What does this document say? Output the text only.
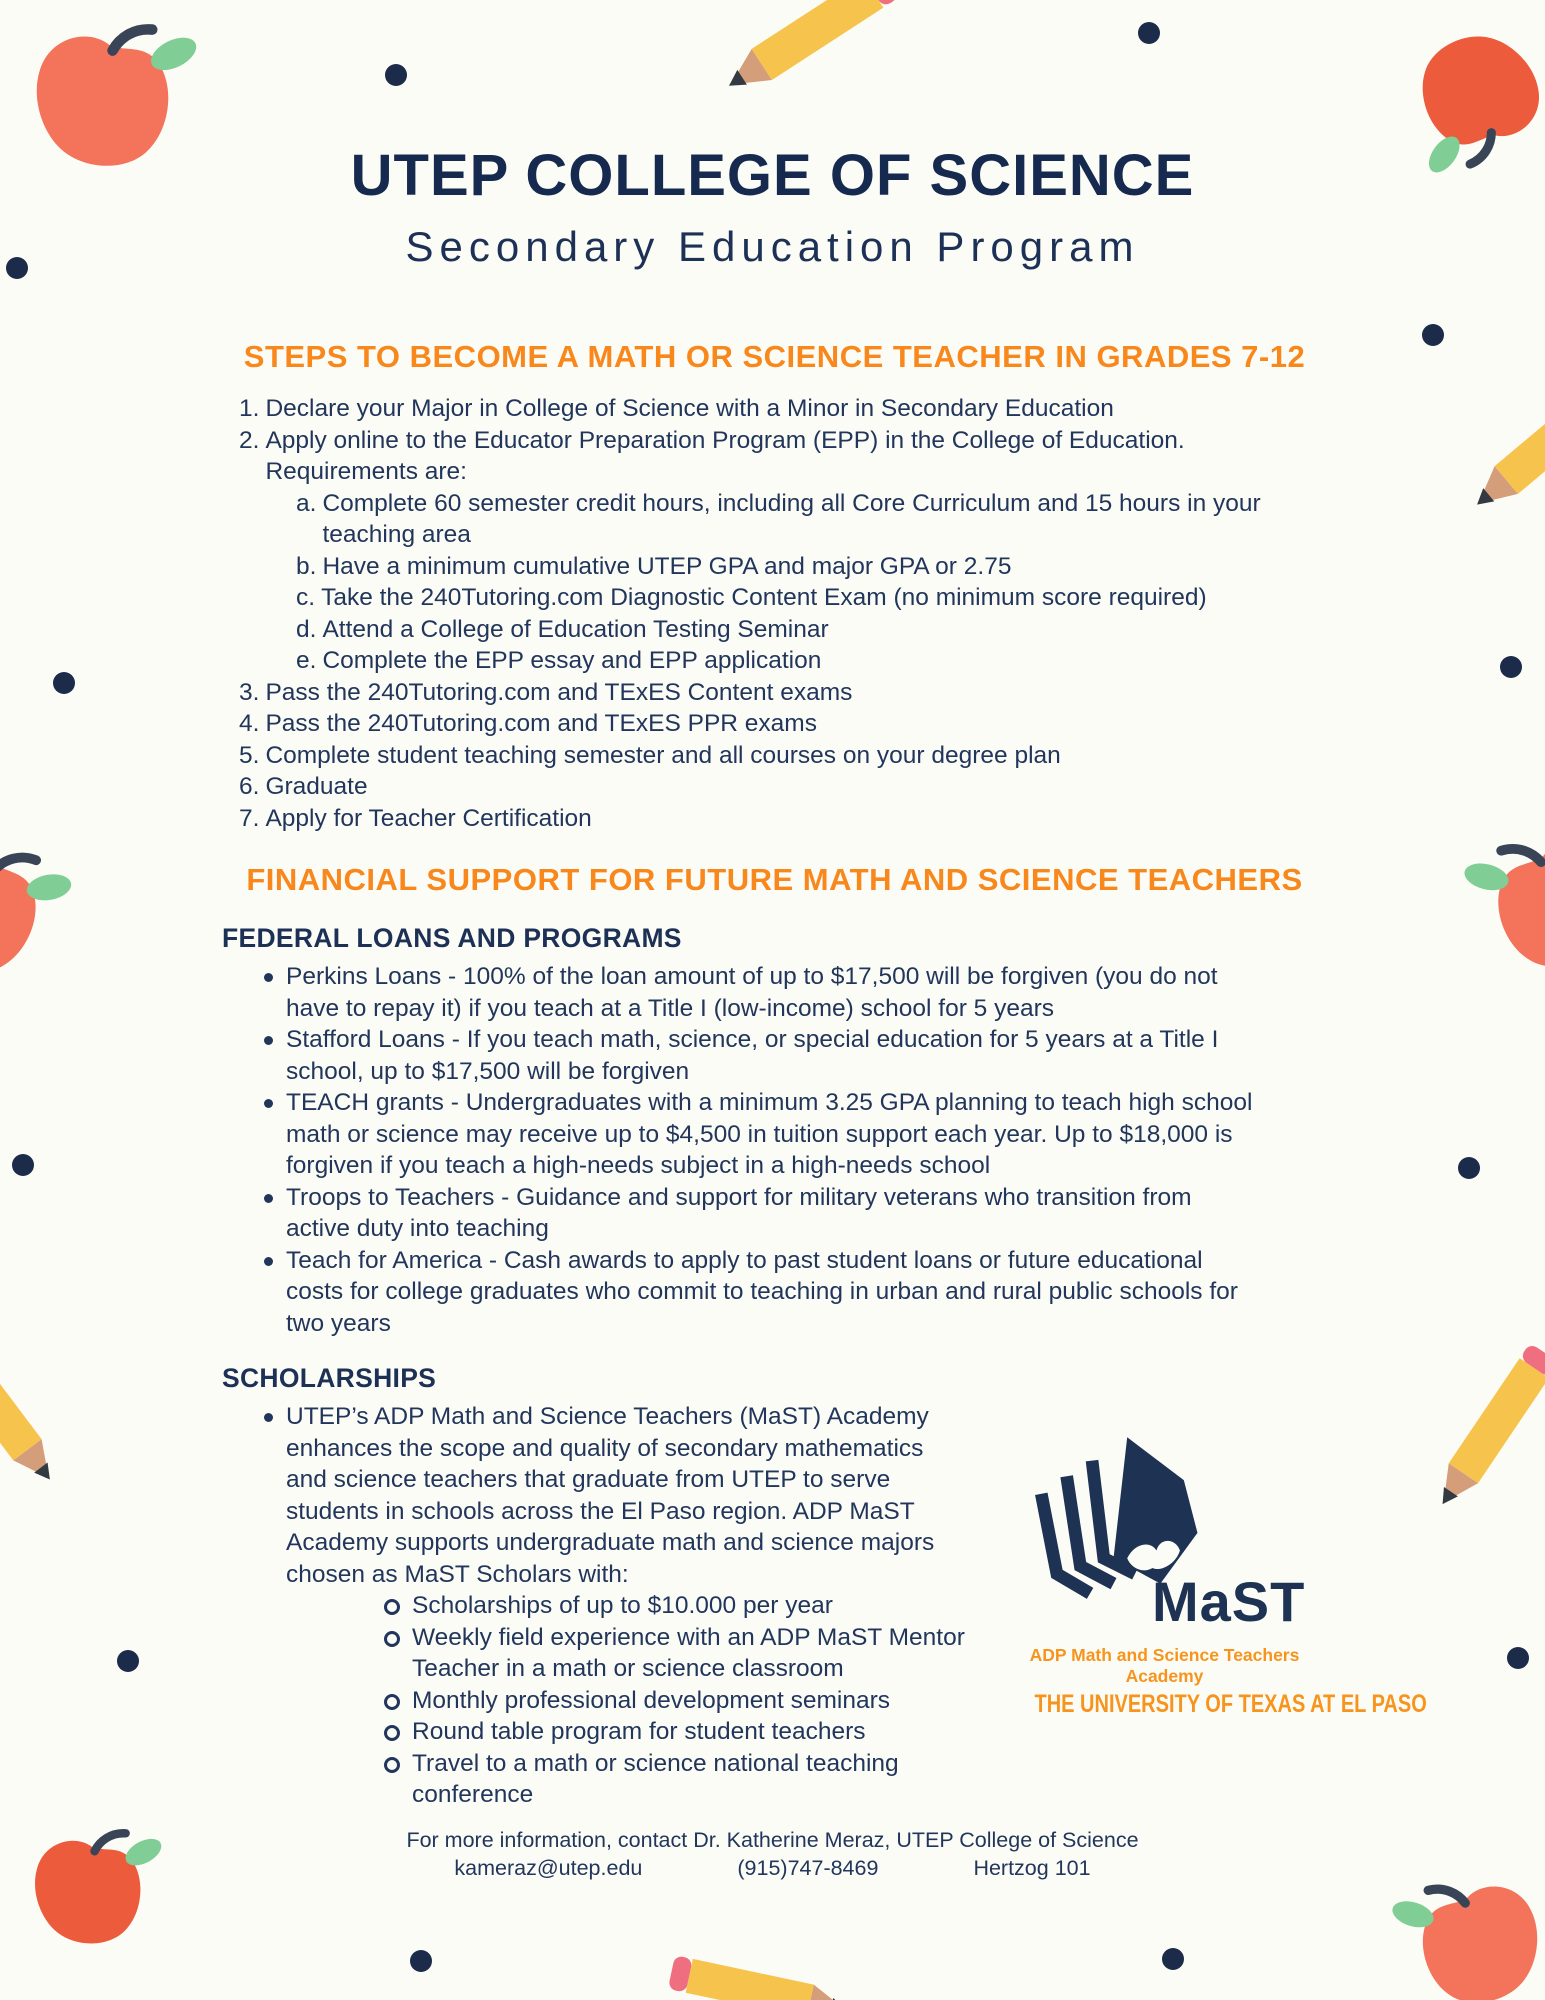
UTEP COLLEGE OF SCIENCE
Secondary Education Program
STEPS TO BECOME A MATH OR SCIENCE TEACHER IN GRADES 7-12
1. Declare your Major in College of Science with a Minor in Secondary Education
2. Apply online to the Educator Preparation Program (EPP) in the College of Education. Requirements are:
a. Complete 60 semester credit hours, including all Core Curriculum and 15 hours in your teaching area
b. Have a minimum cumulative UTEP GPA and major GPA or 2.75
c. Take the 240Tutoring.com Diagnostic Content Exam (no minimum score required)
d. Attend a College of Education Testing Seminar
e. Complete the EPP essay and EPP application
3. Pass the 240Tutoring.com and TExES Content exams
4. Pass the 240Tutoring.com and TExES PPR exams
5. Complete student teaching semester and all courses on your degree plan
6. Graduate
7. Apply for Teacher Certification
FINANCIAL SUPPORT FOR FUTURE MATH AND SCIENCE TEACHERS
FEDERAL LOANS AND PROGRAMS
Perkins Loans - 100% of the loan amount of up to $17,500 will be forgiven (you do not have to repay it) if you teach at a Title I (low-income) school for 5 years
Stafford Loans - If you teach math, science, or special education for 5 years at a Title I school, up to $17,500 will be forgiven
TEACH grants - Undergraduates with a minimum 3.25 GPA planning to teach high school math or science may receive up to $4,500 in tuition support each year. Up to $18,000 is forgiven if you teach a high-needs subject in a high-needs school
Troops to Teachers - Guidance and support for military veterans who transition from active duty into teaching
Teach for America - Cash awards to apply to past student loans or future educational costs for college graduates who commit to teaching in urban and rural public schools for two years
SCHOLARSHIPS
UTEP’s ADP Math and Science Teachers (MaST) Academy enhances the scope and quality of secondary mathematics and science teachers that graduate from UTEP to serve students in schools across the El Paso region. ADP MaST Academy supports undergraduate math and science majors chosen as MaST Scholars with:
Scholarships of up to $10.000 per year
Weekly field experience with an ADP MaST Mentor Teacher in a math or science classroom
Monthly professional development seminars
Round table program for student teachers
Travel to a math or science national teaching conference
MaST
ADP Math and Science Teachers Academy
THE UNIVERSITY OF TEXAS AT EL PASO
For more information, contact Dr. Katherine Meraz, UTEP College of Science
kameraz@utep.edu	(915)747-8469	Hertzog 101
